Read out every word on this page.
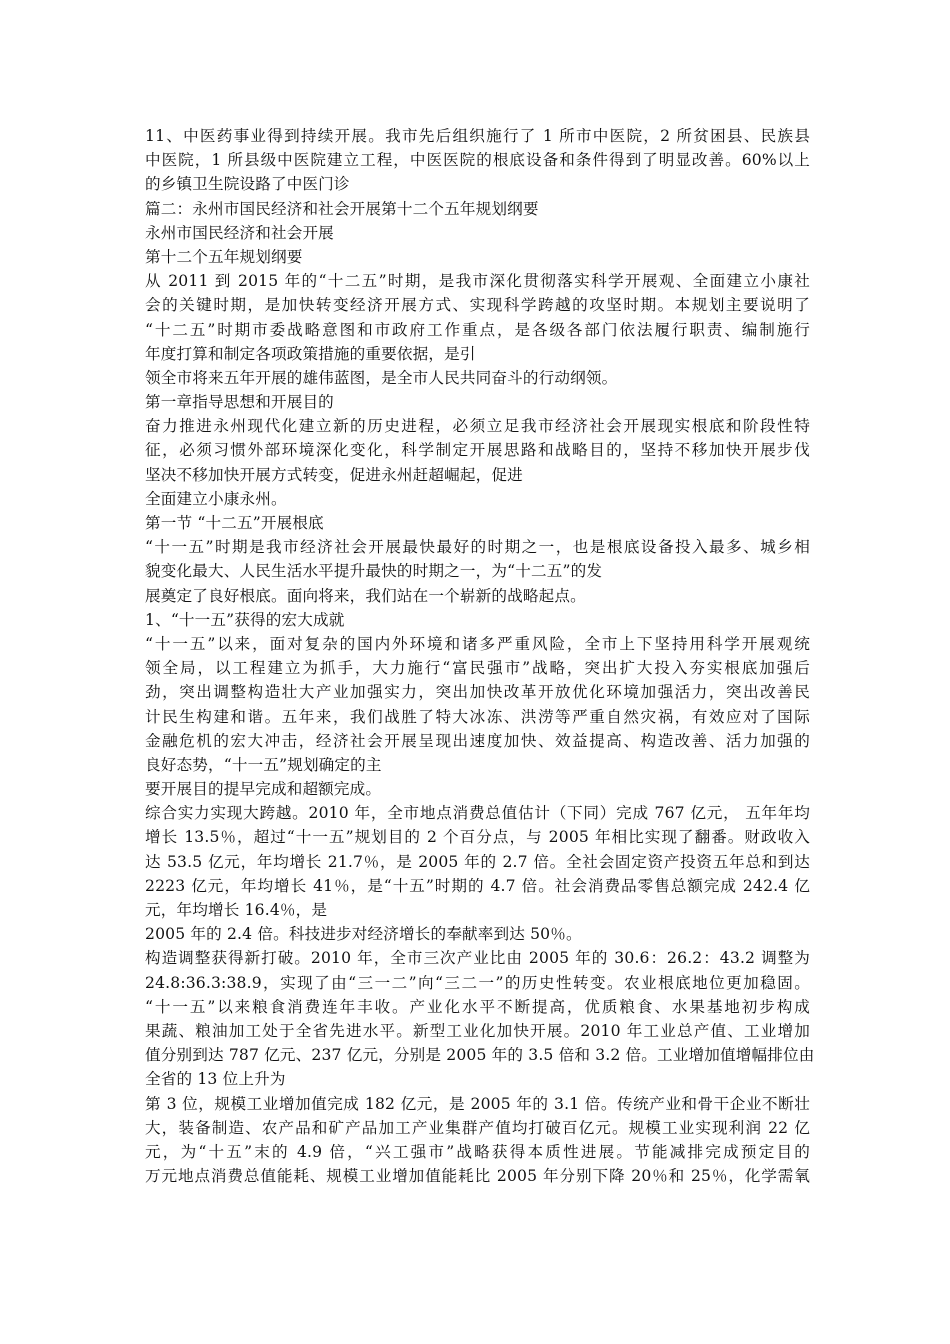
11、中医药事业得到持续开展。我市先后组织施行了 1 所市中医院，2 所贫困县、民族县
中医院，1 所县级中医院建立工程，中医医院的根底设备和条件得到了明显改善。60%以上
的乡镇卫生院设路了中医门诊
篇二：永州市国民经济和社会开展第十二个五年规划纲要
永州市国民经济和社会开展
第十二个五年规划纲要
从 2011 到 2015 年的“十二五”时期，是我市深化贯彻落实科学开展观、全面建立小康社
会的关键时期，是加快转变经济开展方式、实现科学跨越的攻坚时期。本规划主要说明了
“十二五”时期市委战略意图和市政府工作重点，是各级各部门依法履行职责、编制施行
年度打算和制定各项政策措施的重要依据，是引
领全市将来五年开展的雄伟蓝图，是全市人民共同奋斗的行动纲领。
第一章指导思想和开展目的
奋力推进永州现代化建立新的历史进程，必须立足我市经济社会开展现实根底和阶段性特
征，必须习惯外部环境深化变化，科学制定开展思路和战略目的，坚持不移加快开展步伐
坚决不移加快开展方式转变，促进永州赶超崛起，促进
全面建立小康永州。
第一节 “十二五”开展根底
“十一五”时期是我市经济社会开展最快最好的时期之一，也是根底设备投入最多、城乡相
貌变化最大、人民生活水平提升最快的时期之一，为“十二五”的发
展奠定了良好根底。面向将来，我们站在一个崭新的战略起点。
1、“十一五”获得的宏大成就
“十一五”以来，面对复杂的国内外环境和诸多严重风险，全市上下坚持用科学开展观统
领全局，以工程建立为抓手，大力施行“富民强市”战略，突出扩大投入夯实根底加强后
劲，突出调整构造壮大产业加强实力，突出加快改革开放优化环境加强活力，突出改善民
计民生构建和谐。五年来，我们战胜了特大冰冻、洪涝等严重自然灾祸，有效应对了国际
金融危机的宏大冲击，经济社会开展呈现出速度加快、效益提高、构造改善、活力加强的
良好态势，“十一五”规划确定的主
要开展目的提早完成和超额完成。
综合实力实现大跨越。2010 年，全市地点消费总值估计（下同）完成 767 亿元， 五年年均
增长 13.5％，超过“十一五”规划目的 2 个百分点，与 2005 年相比实现了翻番。财政收入
达 53.5 亿元，年均增长 21.7％，是 2005 年的 2.7 倍。全社会固定资产投资五年总和到达
2223 亿元，年均增长 41％，是“十五”时期的 4.7 倍。社会消费品零售总额完成 242.4 亿
元，年均增长 16.4％，是
2005 年的 2.4 倍。科技进步对经济增长的奉献率到达 50％。
构造调整获得新打破。2010 年，全市三次产业比由 2005 年的 30.6：26.2：43.2 调整为
24.8:36.3:38.9，实现了由“三一二”向“三二一”的历史性转变。农业根底地位更加稳固。
“十一五”以来粮食消费连年丰收。产业化水平不断提高，优质粮食、水果基地初步构成
果蔬、粮油加工处于全省先进水平。新型工业化加快开展。2010 年工业总产值、工业增加
值分别到达 787 亿元、237 亿元，分别是 2005 年的 3.5 倍和 3.2 倍。工业增加值增幅排位由
全省的 13 位上升为
第 3 位，规模工业增加值完成 182 亿元，是 2005 年的 3.1 倍。传统产业和骨干企业不断壮
大，装备制造、农产品和矿产品加工产业集群产值均打破百亿元。规模工业实现利润 22 亿
元，为“十五”末的 4.9 倍，“兴工强市”战略获得本质性进展。节能减排完成预定目的
万元地点消费总值能耗、规模工业增加值能耗比 2005 年分别下降 20％和 25％，化学需氧
